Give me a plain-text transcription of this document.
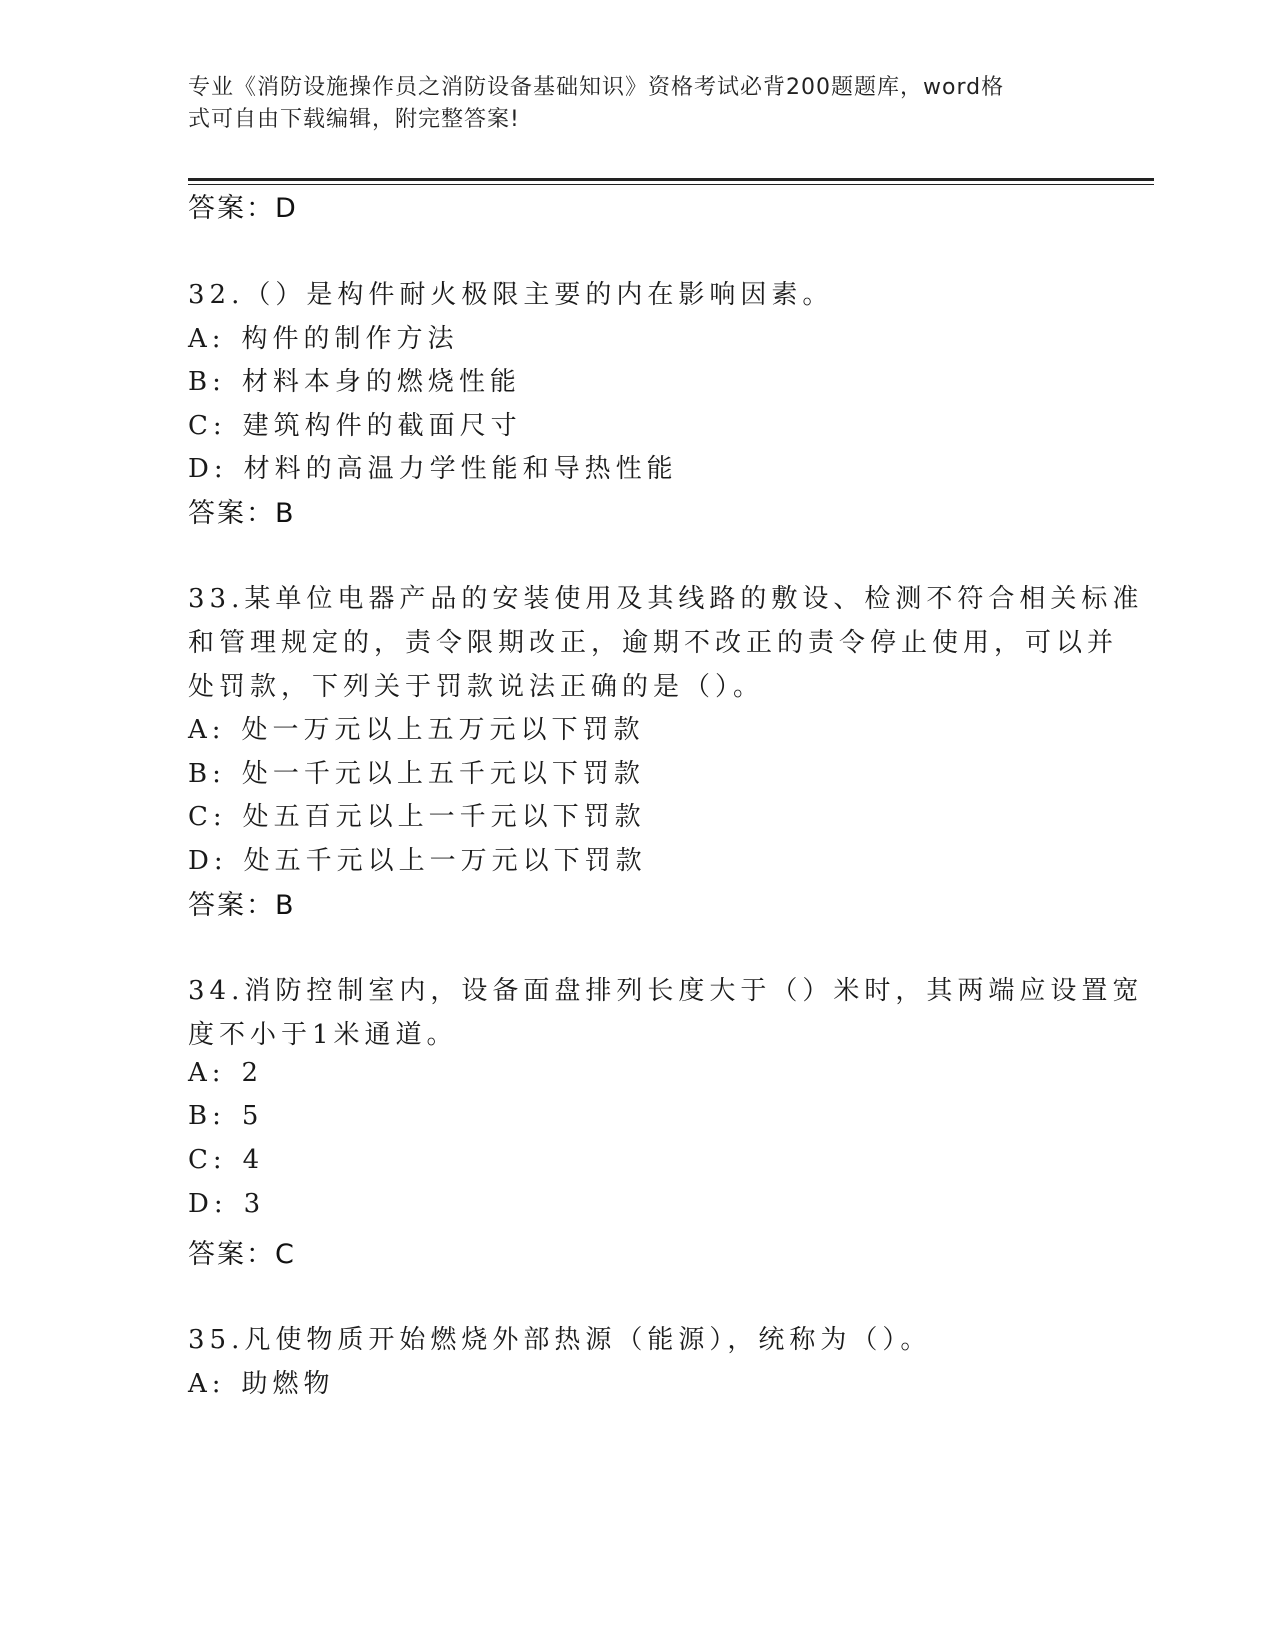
专业《消防设施操作员之消防设备基础知识》资格考试必背200题题库，word格
式可自由下载编辑，附完整答案!
答案：D
32.（）是构件耐火极限主要的内在影响因素。
A: 构件的制作方法
B: 材料本身的燃烧性能
C: 建筑构件的截面尺寸
D: 材料的高温力学性能和导热性能
答案：B
33.某单位电器产品的安装使用及其线路的敷设、检测不符合相关标准
和管理规定的，责令限期改正，逾期不改正的责令停止使用，可以并
处罚款，下列关于罚款说法正确的是（）。
A: 处一万元以上五万元以下罚款
B: 处一千元以上五千元以下罚款
C: 处五百元以上一千元以下罚款
D: 处五千元以上一万元以下罚款
答案：B
34.消防控制室内，设备面盘排列长度大于（）米时，其两端应设置宽
度不小于1米通道。
A: 2
B: 5
C: 4
D: 3
答案：C
35.凡使物质开始燃烧外部热源（能源），统称为（）。
A: 助燃物
